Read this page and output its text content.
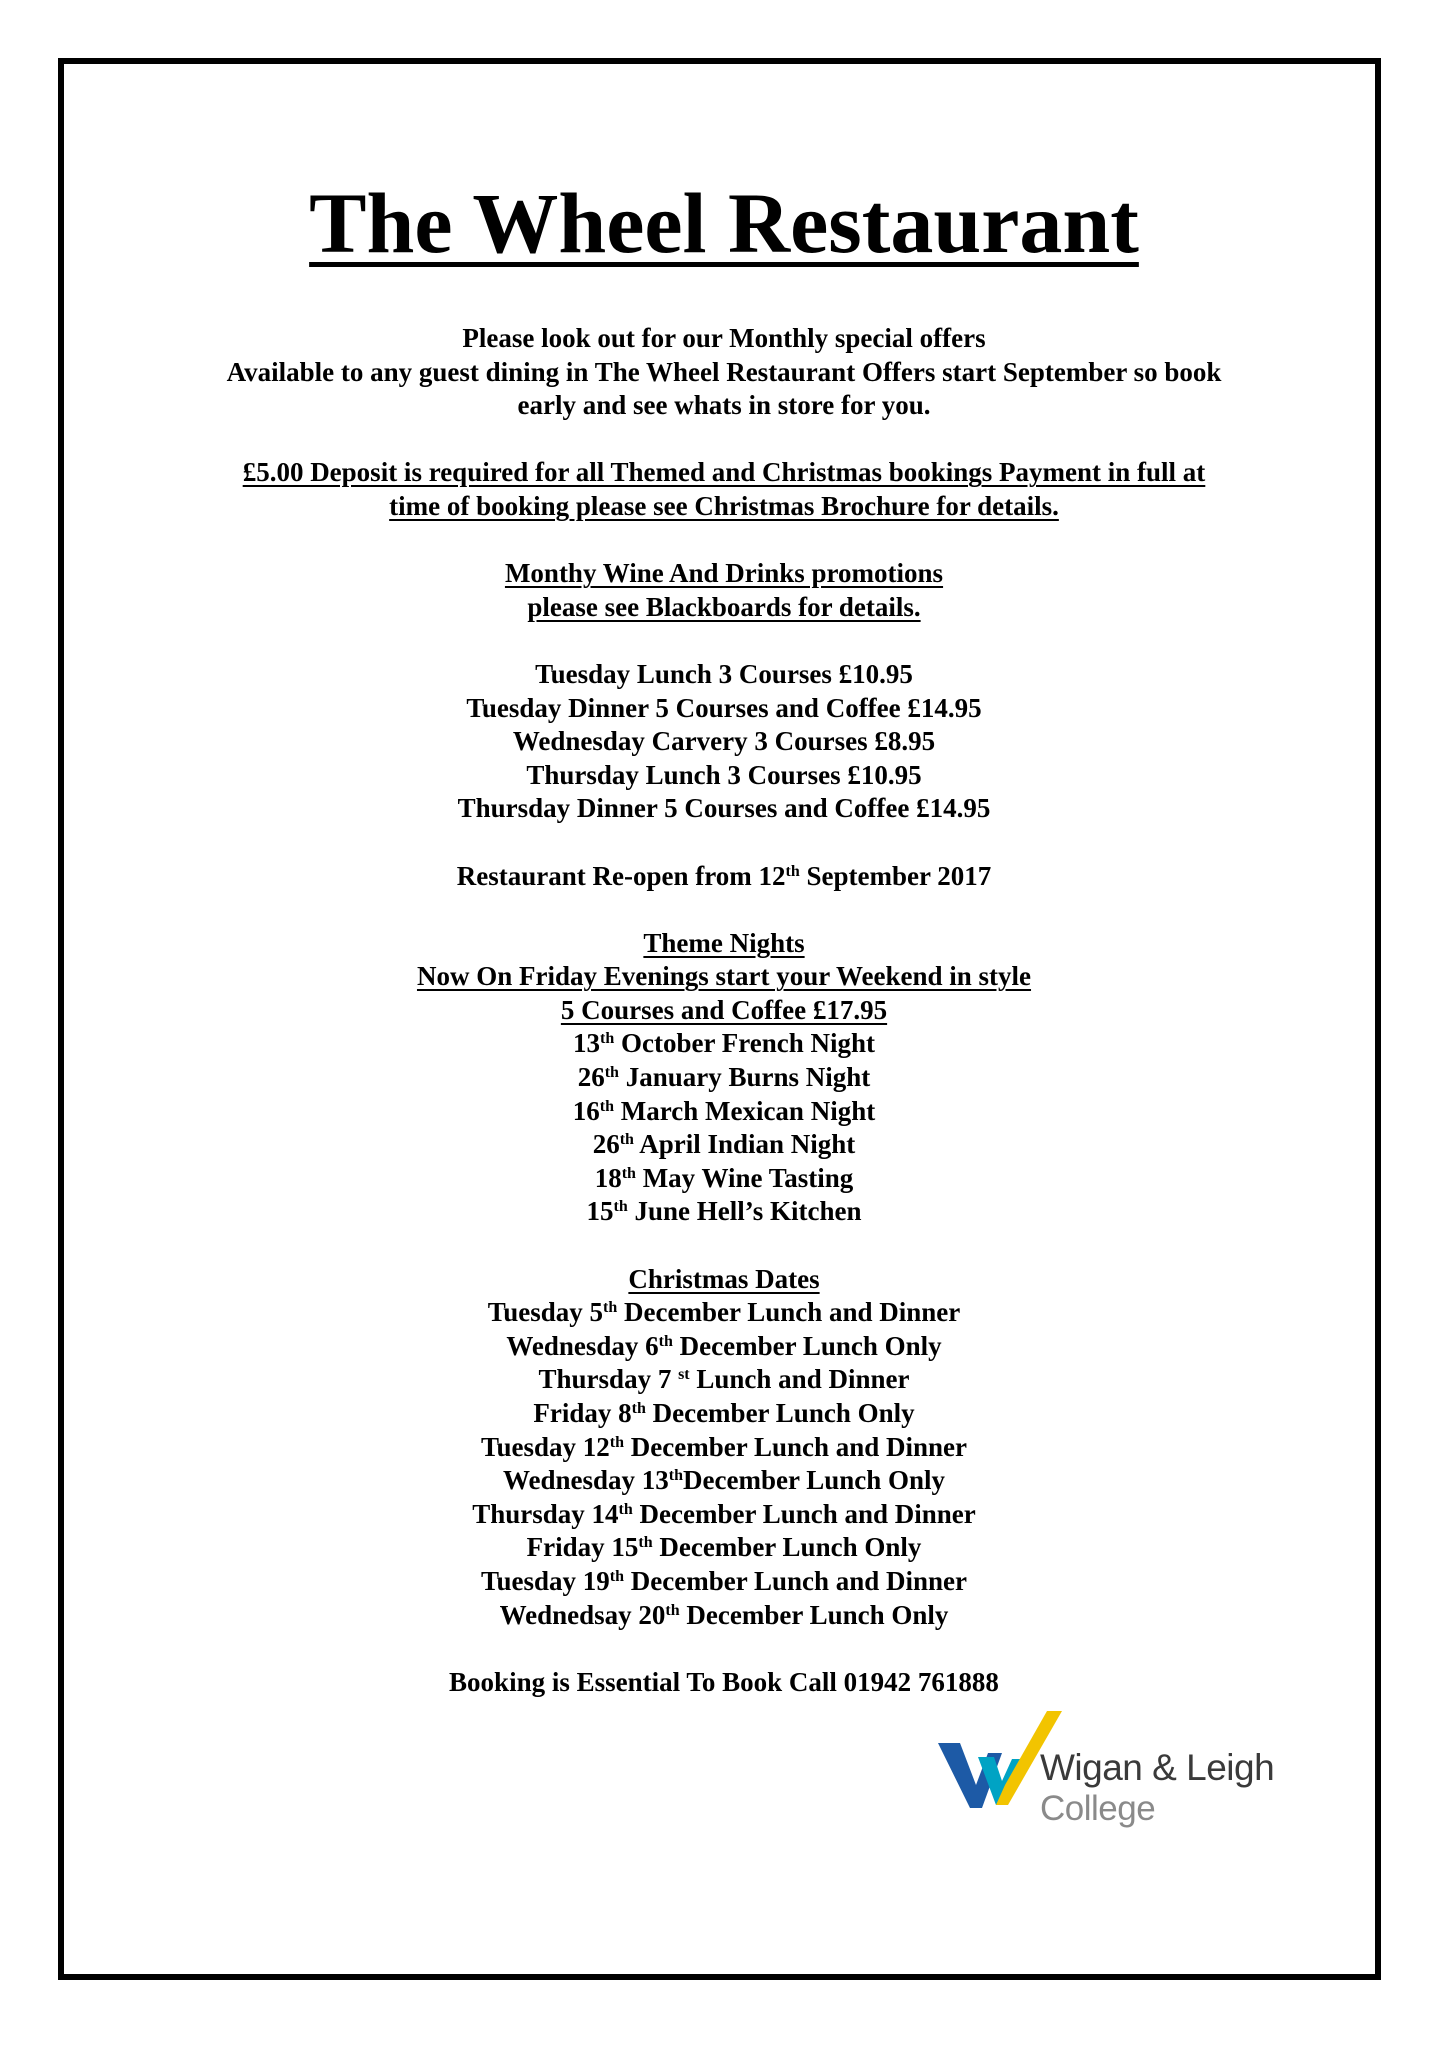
The Wheel Restaurant

Please look out for our Monthly special offers

Available to any guest dining in The Wheel Restaurant Offers start September so book

early and see whats in store for you.

£5.00 Deposit is required for all Themed and Christmas bookings Payment in full at

time of booking please see Christmas Brochure for details.

Monthy Wine And Drinks promotions

please see Blackboards for details.

Tuesday Lunch 3 Courses £10.95

Tuesday Dinner 5 Courses and Coffee £14.95

Wednesday Carvery 3 Courses £8.95

Thursday Lunch 3 Courses £10.95

Thursday Dinner 5 Courses and Coffee £14.95

Restaurant Re-open from 12th September 2017

Theme Nights

Now On Friday Evenings start your Weekend in style

5 Courses and Coffee £17.95

13th October French Night

26th January Burns Night

16th March Mexican Night

26th April Indian Night

18th May Wine Tasting

15th June Hell’s Kitchen

Christmas Dates

Tuesday 5th December Lunch and Dinner

Wednesday 6th December Lunch Only

Thursday 7 $^{st}$ Lunch and Dinner

Friday 8th December Lunch Only

Tuesday 12th December Lunch and Dinner

Wednesday 13thDecember Lunch Only

Thursday 14th December Lunch and Dinner

Friday 15th December Lunch Only

Tuesday 19th December Lunch and Dinner

Wednedsay 20th December Lunch Only

Booking is Essential To Book Call 01942 761888

Wigan & Leigh
College
